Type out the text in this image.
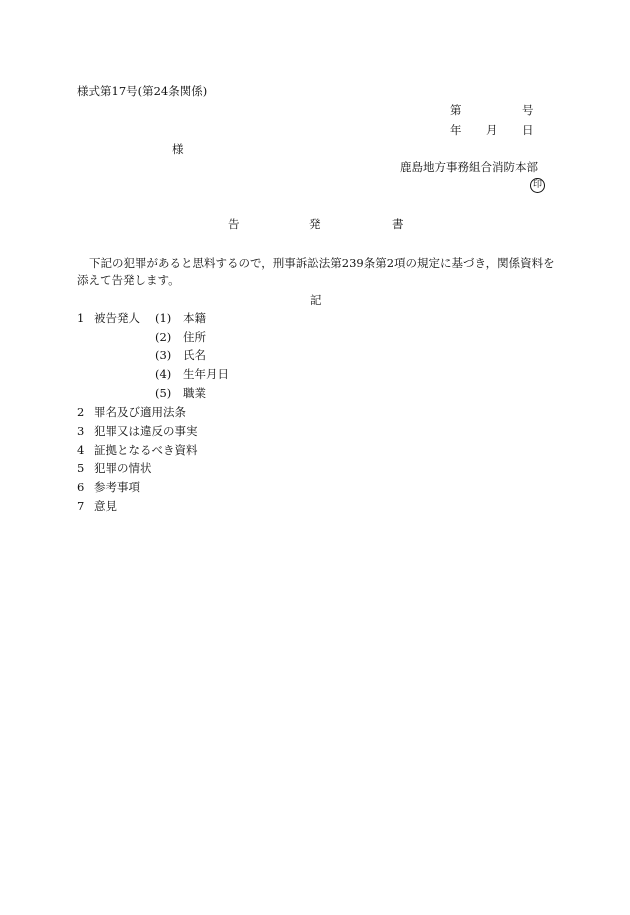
様式第17号(第24条関係)
第	号
年 月 日
様
鹿島地方事務組合消防本部
印
告	発	書
下記の犯罪があると思料するので，刑事訴訟法第239条第2項の規定に基づき，関係資料を添えて告発します。
記
1 被告発人 (1) 本籍
(2) 住所
(3) 氏名
(4) 生年月日
(5) 職業
2 罪名及び適用法条
3 犯罪又は違反の事実
4 証拠となるべき資料
5 犯罪の情状
6 参考事項
7 意見
